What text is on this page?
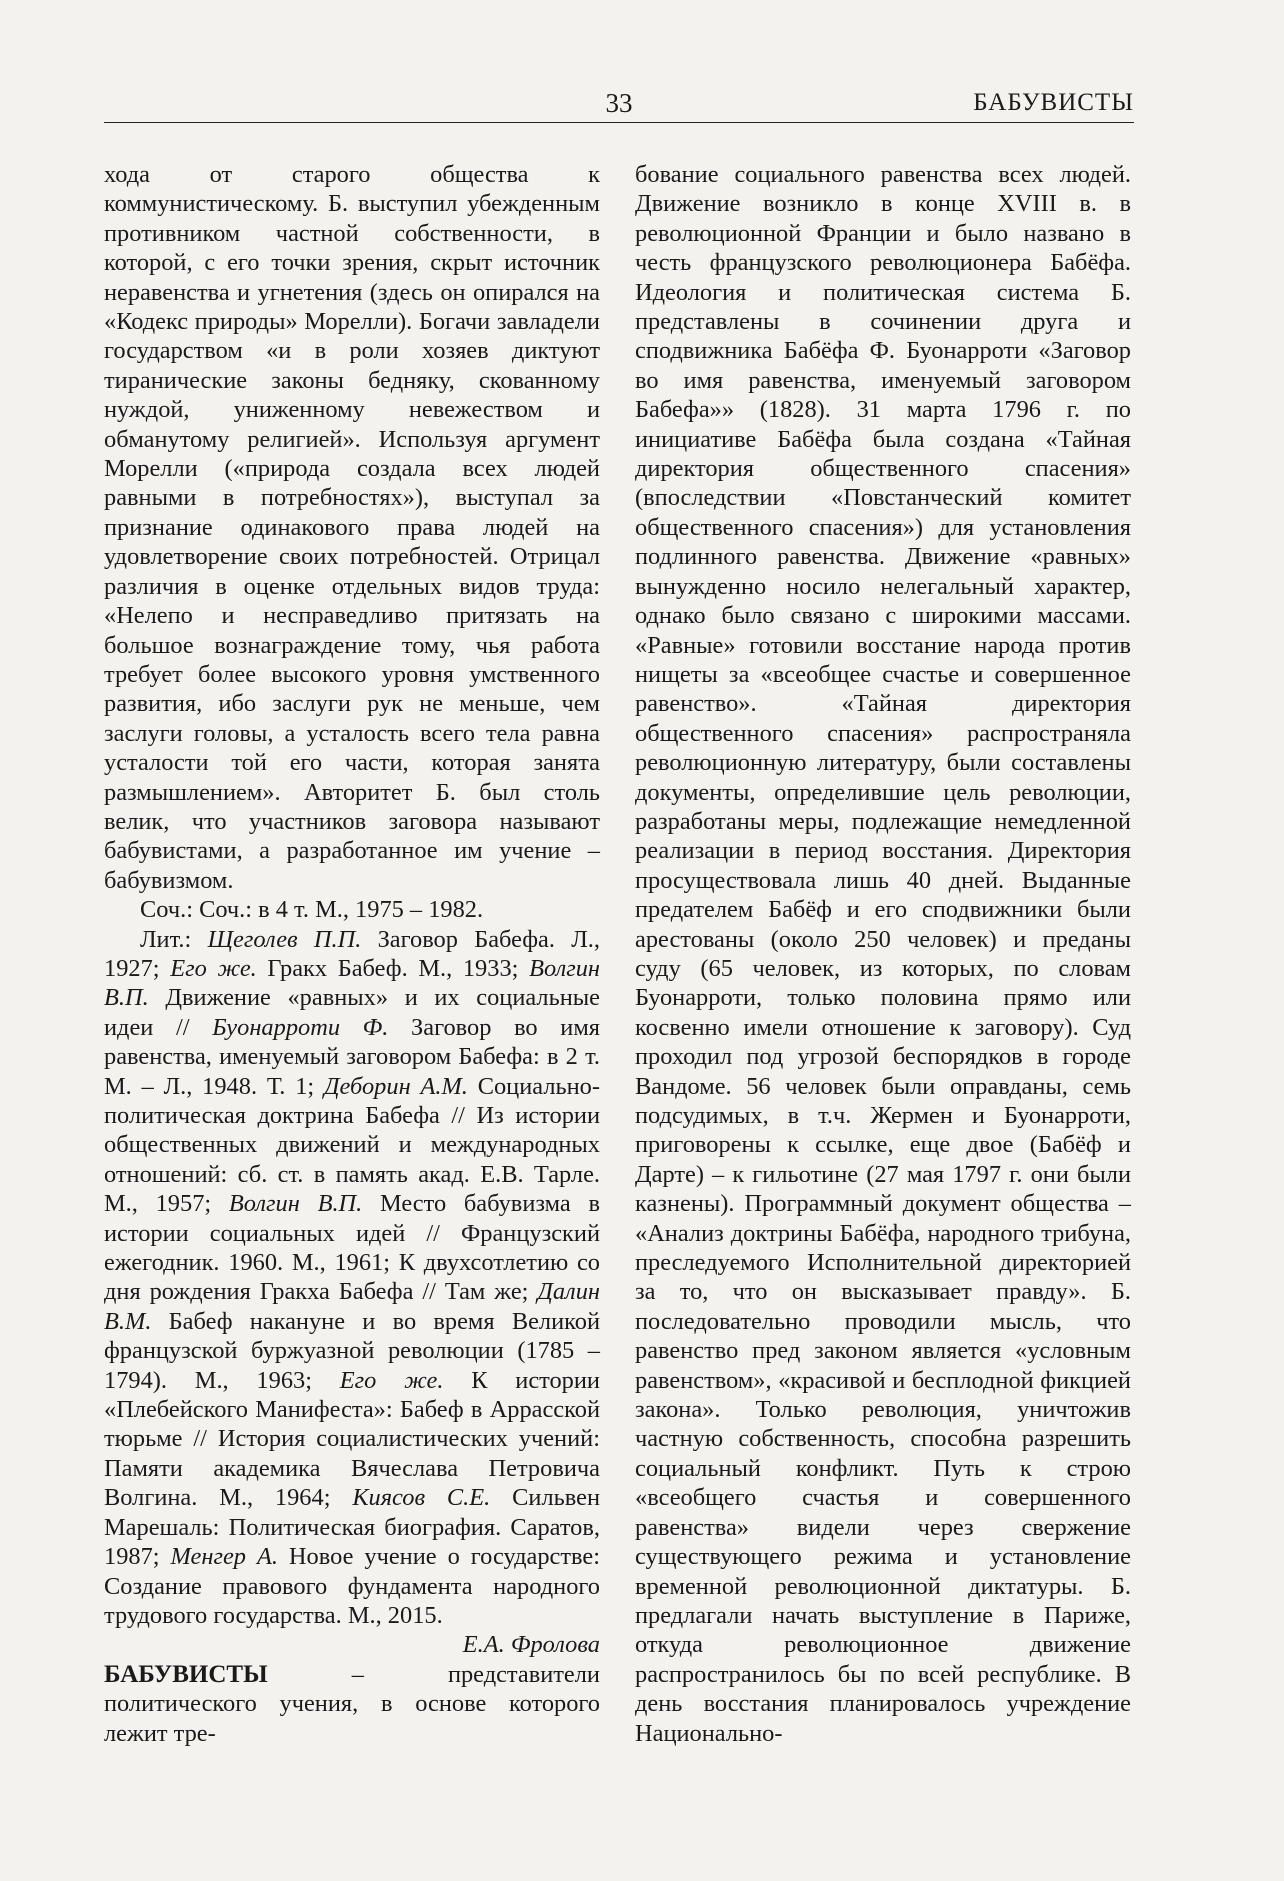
33	БАБУВИСТЫ

хода от старого общества к коммунистическому. Б. выступил убежденным противником частной собственности, в которой, с его точки зрения, скрыт источник неравенства и угнетения (здесь он опирался на «Кодекс природы» Морелли). Богачи завладели государством «и в роли хозяев диктуют тиранические законы бедняку, скованному нуждой, униженному невежеством и обманутому религией». Используя аргумент Морелли («природа создала всех людей равными в потребностях»), выступал за признание одинакового права людей на удовлетворение своих потребностей. Отрицал различия в оценке отдельных видов труда: «Нелепо и несправедливо притязать на большое вознаграждение тому, чья работа требует более высокого уровня умственного развития, ибо заслуги рук не меньше, чем заслуги головы, а усталость всего тела равна усталости той его части, которая занята размышлением». Авторитет Б. был столь велик, что участников заговора называют бабувистами, а разработанное им учение – бабувизмом.

Соч.: Соч.: в 4 т. М., 1975 – 1982.

Лит.: Щеголев П.П. Заговор Бабефа. Л., 1927; Его же. Гракх Бабеф. М., 1933; Волгин В.П. Движение «равных» и их социальные идеи // Буонарроти Ф. Заговор во имя равенства, именуемый заговором Бабефа: в 2 т. М. – Л., 1948. Т. 1; Деборин А.М. Социально-политическая доктрина Бабефа // Из истории общественных движений и международных отношений: сб. ст. в память акад. Е.В. Тарле. М., 1957; Волгин В.П. Место бабувизма в истории социальных идей // Французский ежегодник. 1960. М., 1961; К двухсотлетию со дня рождения Гракха Бабефа // Там же; Далин В.М. Бабеф накануне и во время Великой французской буржуазной революции (1785 – 1794). М., 1963; Его же. К истории «Плебейского Манифеста»: Бабеф в Аррасской тюрьме // История социалистических учений: Памяти академика Вячеслава Петровича Волгина. М., 1964; Киясов С.Е. Сильвен Марешаль: Политическая биография. Саратов, 1987; Менгер А. Новое учение о государстве: Создание правового фундамента народного трудового государства. М., 2015.

Е.А. Фролова

БАБУВИСТЫ – представители политического учения, в основе которого лежит тре-

бование социального равенства всех людей. Движение возникло в конце XVIII в. в революционной Франции и было названо в честь французского революционера Бабёфа. Идеология и политическая система Б. представлены в сочинении друга и сподвижника Бабёфа Ф. Буонарроти «Заговор во имя равенства, именуемый заговором Бабефа»» (1828). 31 марта 1796 г. по инициативе Бабёфа была создана «Тайная директория общественного спасения» (впоследствии «Повстанческий комитет общественного спасения») для установления подлинного равенства. Движение «равных» вынужденно носило нелегальный характер, однако было связано с широкими массами. «Равные» готовили восстание народа против нищеты за «всеобщее счастье и совершенное равенство». «Тайная директория общественного спасения» распространяла революционную литературу, были составлены документы, определившие цель революции, разработаны меры, подлежащие немедленной реализации в период восстания. Директория просуществовала лишь 40 дней. Выданные предателем Бабёф и его сподвижники были арестованы (около 250 человек) и преданы суду (65 человек, из которых, по словам Буонарроти, только половина прямо или косвенно имели отношение к заговору). Суд проходил под угрозой беспорядков в городе Вандоме. 56 человек были оправданы, семь подсудимых, в т.ч. Жермен и Буонарроти, приговорены к ссылке, еще двое (Бабёф и Дарте) – к гильотине (27 мая 1797 г. они были казнены). Программный документ общества – «Анализ доктрины Бабёфа, народного трибуна, преследуемого Исполнительной директорией за то, что он высказывает правду». Б. последовательно проводили мысль, что равенство пред законом является «условным равенством», «красивой и бесплодной фикцией закона». Только революция, уничтожив частную собственность, способна разрешить социальный конфликт. Путь к строю «всеобщего счастья и совершенного равенства» видели через свержение существующего режима и установление временной революционной диктатуры. Б. предлагали начать выступление в Париже, откуда революционное движение распространилось бы по всей республике. В день восстания планировалось учреждение Национально-
